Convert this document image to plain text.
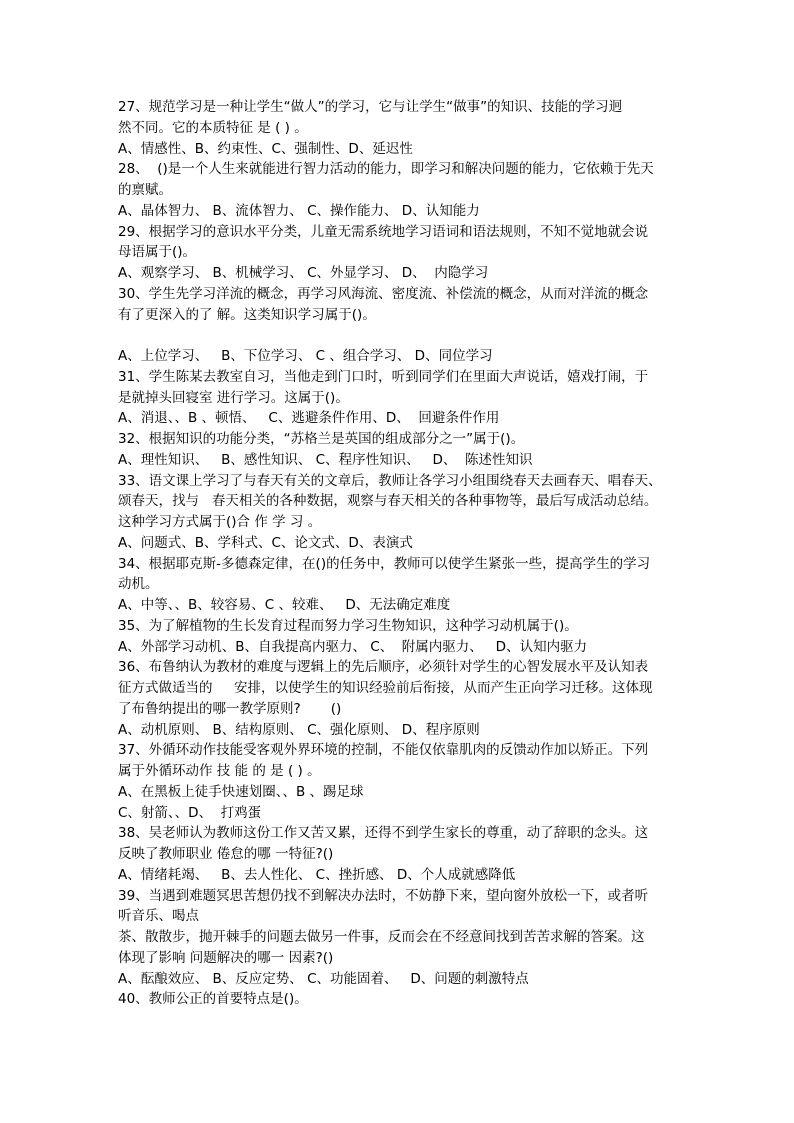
27、规范学习是一种让学生“做人”的学习，它与让学生“做事”的知识、技能的学习迥
然不同。它的本质特征 是 ( ) 。
A、情感性、B、约束性、C、强制性、D、延迟性
28、  ()是一个人生来就能进行智力活动的能力，即学习和解决问题的能力，它依赖于先天
的禀赋。
A、晶体智力、 B、流体智力、 C、操作能力、 D、认知能力
29、根据学习的意识水平分类，儿童无需系统地学习语词和语法规则，不知不觉地就会说
母语属于()。
A、观察学习、 B、机械学习、 C、外显学习、 D、  内隐学习
30、学生先学习洋流的概念，再学习风海流、密度流、补偿流的概念，从而对洋流的概念
有了更深入的了 解。这类知识学习属于()。
A、上位学习、   B、下位学习、 C 、组合学习、 D、同位学习
31、学生陈某去教室自习，当他走到门口时，听到同学们在里面大声说话，嬉戏打闹，于
是就掉头回寝室 进行学习。这属于()。
A、消退、、B 、顿悟、   C、逃避条件作用、D、  回避条件作用
32、根据知识的功能分类，“苏格兰是英国的组成部分之一”属于()。
A、理性知识、   B、感性知识、 C、程序性知识、   D、  陈述性知识
33、语文课上学习了与春天有关的文章后，教师让各学习小组围绕春天去画春天、唱春天、
颂春天，找与   春天相关的各种数据，观察与春天相关的各种事物等，最后写成活动总结。
这种学习方式属于()合 作 学 习 。
A、问题式、B、学科式、C、论文式、D、表演式
34、根据耶克斯-多德森定律，在()的任务中，教师可以使学生紧张一些，提高学生的学习
动机。
A、中等、、B、较容易、C 、较难、   D、无法确定难度
35、为了解植物的生长发育过程而努力学习生物知识，这种学习动机属于()。
A、外部学习动机、B、自我提高内驱力、 C、  附属内驱力、   D、认知内驱力
36、布鲁纳认为教材的难度与逻辑上的先后顺序，必须针对学生的心智发展水平及认知表
征方式做适当的     安排，以使学生的知识经验前后衔接，从而产生正向学习迁移。这体现
了布鲁纳提出的哪一教学原则?       ()
A、动机原则、 B、结构原则、 C、强化原则、 D、程序原则
37、外循环动作技能受客观外界环境的控制，不能仅依靠肌肉的反馈动作加以矫正。下列
属于外循环动作 技 能 的 是 ( ) 。
A、在黑板上徒手快速划圈、、B 、踢足球
C、射箭、、D、  打鸡蛋
38、吴老师认为教师这份工作又苦又累，还得不到学生家长的尊重，动了辞职的念头。这
反映了教师职业 倦怠的哪 一特征?()
A、情绪耗竭、   B、去人性化、 C、挫折感、 D、个人成就感降低
39、当遇到难题冥思苦想仍找不到解决办法时，不妨静下来，望向窗外放松一下，或者听
听音乐、喝点
茶、散散步，抛开棘手的问题去做另一件事，反而会在不经意间找到苦苦求解的答案。这
体现了影响 问题解决的哪一 因素?()
A、酝酿效应、 B、反应定势、 C、功能固着、   D、问题的刺激特点
40、教师公正的首要特点是()。
